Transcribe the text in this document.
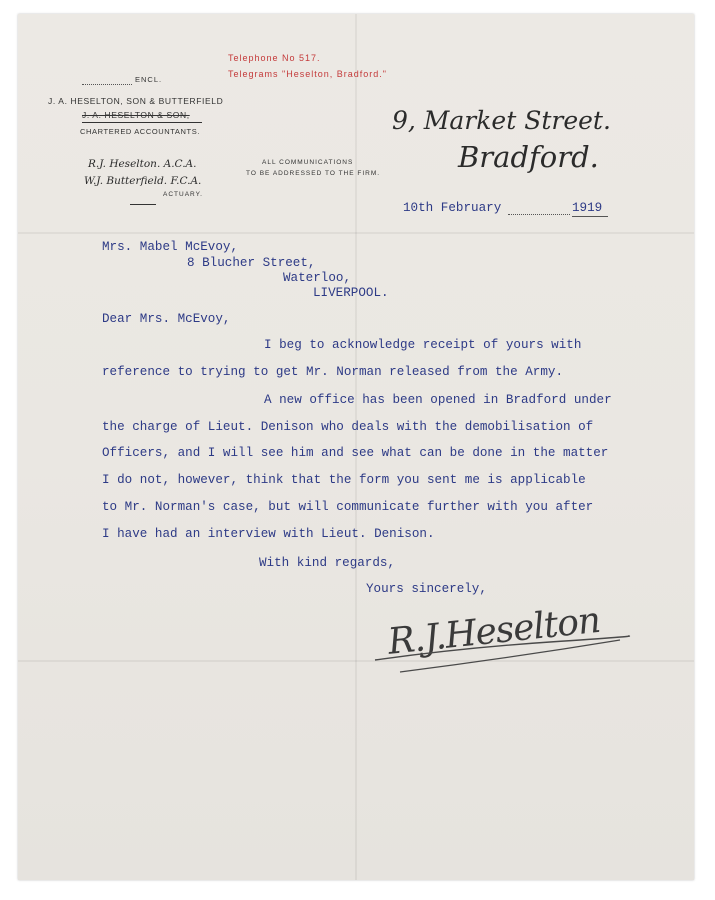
Telephone No 517.
Telegrams "Heselton, Bradford."
ENCL.
J. A. HESELTON, SON & BUTTERFIELD
J. A. HESELTON & SON,
CHARTERED ACCOUNTANTS.
R.J. Heselton. A.C.A.
W.J. Butterfield. F.C.A.
ACTUARY.
ALL COMMUNICATIONS
TO BE ADDRESSED TO THE FIRM.
9, Market Street.
Bradford.
10th February	1919
Mrs. Mabel McEvoy,
8 Blucher Street,
Waterloo,
LIVERPOOL.
Dear Mrs. McEvoy,
I beg to acknowledge receipt of yours with
reference to trying to get Mr. Norman released from the Army.
A new office has been opened in Bradford under
the charge of Lieut. Denison who deals with the demobilisation of
Officers, and I will see him and see what can be done in the matter
I do not, however, think that the form you sent me is applicable
to Mr. Norman's case, but will communicate further with you after
I have had an interview with Lieut. Denison.
With kind regards,
Yours sincerely,
R.J.Heselton
